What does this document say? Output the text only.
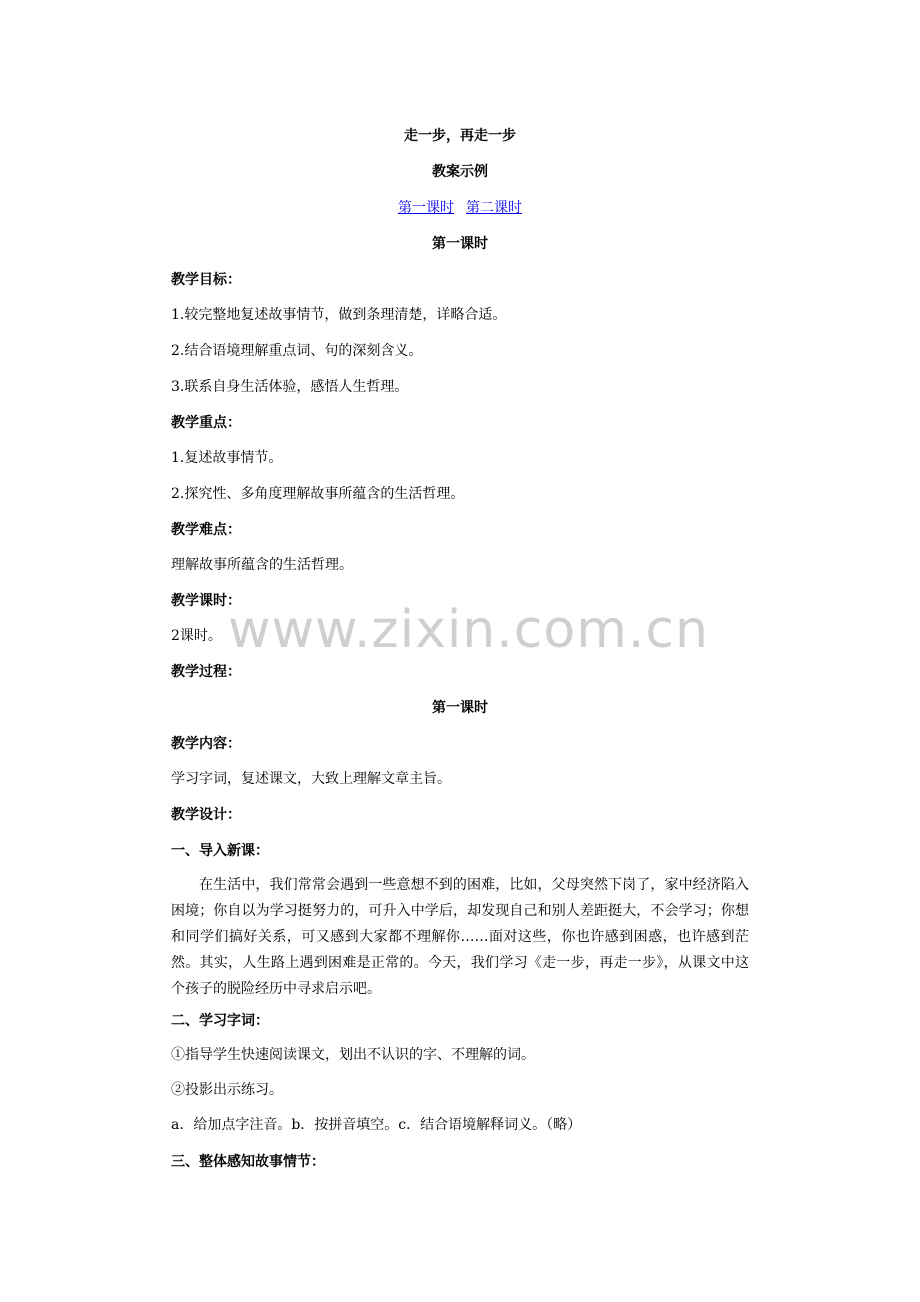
走一步，再走一步
教案示例
第一课时 第二课时
第一课时
教学目标：
1.较完整地复述故事情节，做到条理清楚，详略合适。
2.结合语境理解重点词、句的深刻含义。
3.联系自身生活体验，感悟人生哲理。
教学重点：
1.复述故事情节。
2.探究性、多角度理解故事所蕴含的生活哲理。
教学难点：
理解故事所蕴含的生活哲理。
教学课时：
2课时。
教学过程：
第一课时
教学内容：
学习字词，复述课文，大致上理解文章主旨。
教学设计：
一、导入新课：
在生活中，我们常常会遇到一些意想不到的困难，比如，父母突然下岗了，家中经济陷入困境；你自以为学习挺努力的，可升入中学后，却发现自己和别人差距挺大，不会学习；你想和同学们搞好关系，可又感到大家都不理解你……面对这些，你也许感到困惑，也许感到茫然。其实，人生路上遇到困难是正常的。今天，我们学习《走一步，再走一步》，从课文中这个孩子的脱险经历中寻求启示吧。
二、学习字词：
①指导学生快速阅读课文，划出不认识的字、不理解的词。
②投影出示练习。
a．给加点字注音。b．按拼音填空。c．结合语境解释词义。（略）
三、整体感知故事情节：
www.zixin.com.cn
